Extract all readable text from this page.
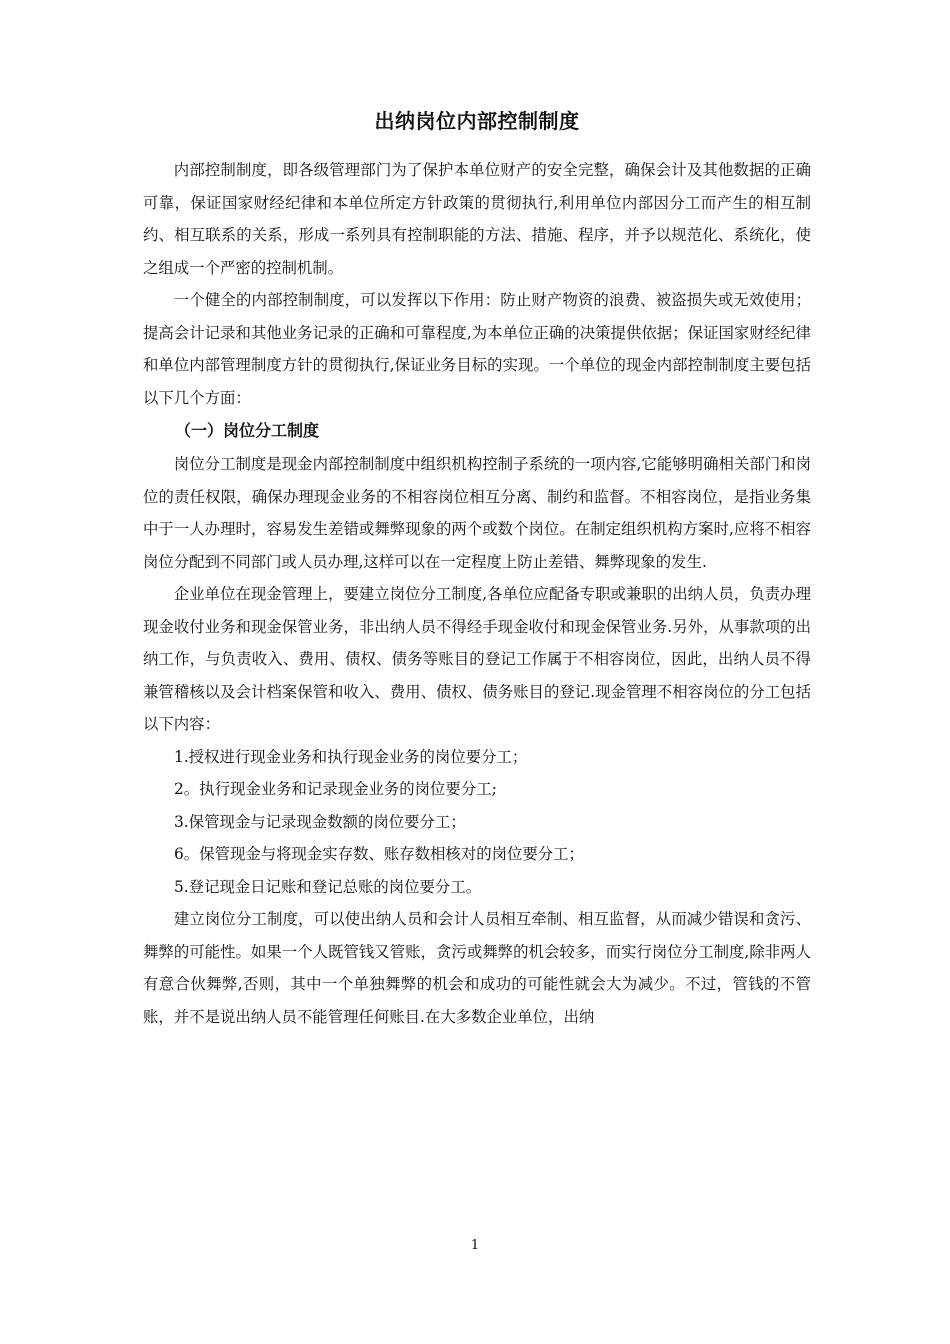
出纳岗位内部控制制度

内部控制制度，即各级管理部门为了保护本单位财产的安全完整，确保会计及其他数据的正确可靠，保证国家财经纪律和本单位所定方针政策的贯彻执行,利用单位内部因分工而产生的相互制约、相互联系的关系，形成一系列具有控制职能的方法、措施、程序，并予以规范化、系统化，使之组成一个严密的控制机制。

一个健全的内部控制制度，可以发挥以下作用：防止财产物资的浪费、被盗损失或无效使用；提高会计记录和其他业务记录的正确和可靠程度,为本单位正确的决策提供依据；保证国家财经纪律和单位内部管理制度方针的贯彻执行,保证业务目标的实现。一个单位的现金内部控制制度主要包括以下几个方面：

（一）岗位分工制度

岗位分工制度是现金内部控制制度中组织机构控制子系统的一项内容,它能够明确相关部门和岗位的责任权限，确保办理现金业务的不相容岗位相互分离、制约和监督。不相容岗位，是指业务集中于一人办理时，容易发生差错或舞弊现象的两个或数个岗位。在制定组织机构方案时,应将不相容岗位分配到不同部门或人员办理,这样可以在一定程度上防止差错、舞弊现象的发生.

企业单位在现金管理上，要建立岗位分工制度,各单位应配备专职或兼职的出纳人员，负责办理现金收付业务和现金保管业务，非出纳人员不得经手现金收付和现金保管业务.另外，从事款项的出纳工作，与负责收入、费用、债权、债务等账目的登记工作属于不相容岗位，因此，出纳人员不得兼管稽核以及会计档案保管和收入、费用、债权、债务账目的登记.现金管理不相容岗位的分工包括以下内容：

1.授权进行现金业务和执行现金业务的岗位要分工；

2。执行现金业务和记录现金业务的岗位要分工;

3.保管现金与记录现金数额的岗位要分工；

6。保管现金与将现金实存数、账存数相核对的岗位要分工；

5.登记现金日记账和登记总账的岗位要分工。

建立岗位分工制度，可以使出纳人员和会计人员相互牵制、相互监督，从而减少错误和贪污、舞弊的可能性。如果一个人既管钱又管账，贪污或舞弊的机会较多，而实行岗位分工制度,除非两人有意合伙舞弊,否则，其中一个单独舞弊的机会和成功的可能性就会大为减少。不过，管钱的不管账，并不是说出纳人员不能管理任何账目.在大多数企业单位，出纳

1
